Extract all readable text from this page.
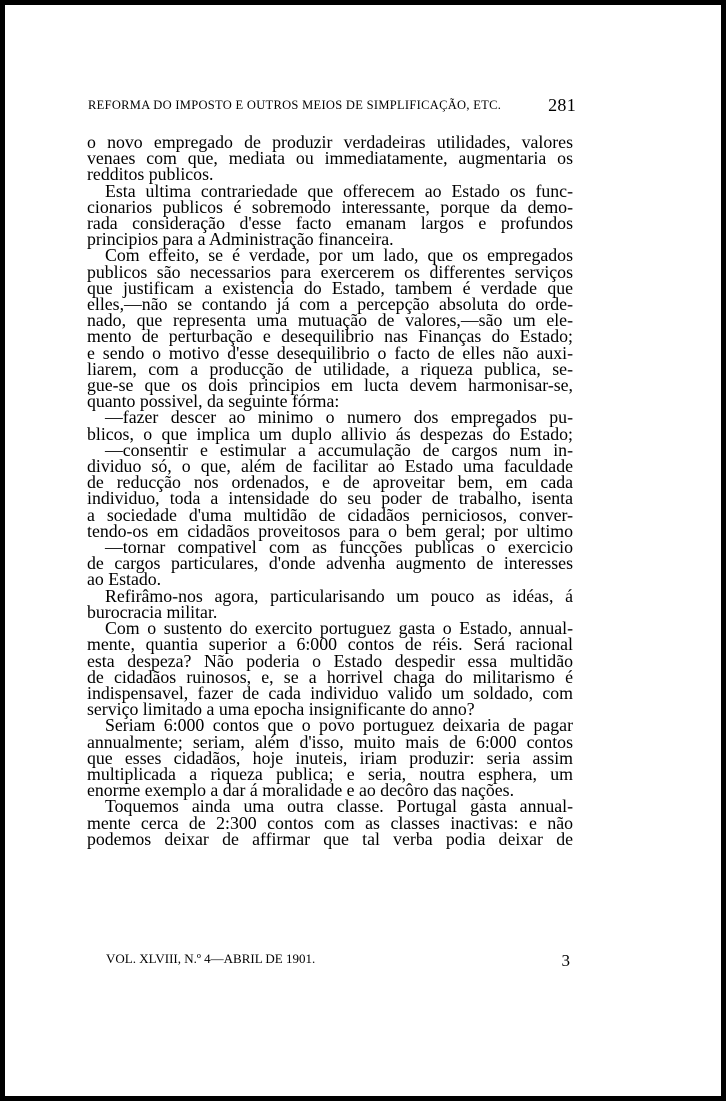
REFORMA DO IMPOSTO E OUTROS MEIOS DE SIMPLIFICAÇÃO, ETC.	281
o novo empregado de produzir verdadeiras utilidades, valores
venaes com que, mediata ou immediatamente, augmentaria os
redditos publicos.
Esta ultima contrariedade que offerecem ao Estado os func-
cionarios publicos é sobremodo interessante, porque da demo-
rada consideração d'esse facto emanam largos e profundos
principios para a Administração financeira.
Com effeito, se é verdade, por um lado, que os empregados
publicos são necessarios para exercerem os differentes serviços
que justificam a existencia do Estado, tambem é verdade que
elles,—não se contando já com a percepção absoluta do orde-
nado, que representa uma mutuação de valores,—são um ele-
mento de perturbação e desequilibrio nas Finanças do Estado;
e sendo o motivo d'esse desequilibrio o facto de elles não auxi-
liarem, com a producção de utilidade, a riqueza publica, se-
gue-se que os dois principios em lucta devem harmonisar-se,
quanto possivel, da seguinte fórma:
—fazer descer ao minimo o numero dos empregados pu-
blicos, o que implica um duplo allivio ás despezas do Estado;
—consentir e estimular a accumulação de cargos num in-
dividuo só, o que, além de facilitar ao Estado uma faculdade
de reducção nos ordenados, e de aproveitar bem, em cada
individuo, toda a intensidade do seu poder de trabalho, isenta
a sociedade d'uma multidão de cidadãos perniciosos, conver-
tendo-os em cidadãos proveitosos para o bem geral; por ultimo
—tornar compativel com as funcções publicas o exercicio
de cargos particulares, d'onde advenha augmento de interesses
ao Estado.
Refirâmo-nos agora, particularisando um pouco as idéas, á
burocracia militar.
Com o sustento do exercito portuguez gasta o Estado, annual-
mente, quantia superior a 6:000 contos de réis. Será racional
esta despeza? Não poderia o Estado despedir essa multidão
de cidadãos ruinosos, e, se a horrivel chaga do militarismo é
indispensavel, fazer de cada individuo valido um soldado, com
serviço limitado a uma epocha insignificante do anno?
Seriam 6:000 contos que o povo portuguez deixaria de pagar
annualmente; seriam, além d'isso, muito mais de 6:000 contos
que esses cidadãos, hoje inuteis, iriam produzir: seria assim
multiplicada a riqueza publica; e seria, noutra esphera, um
enorme exemplo a dar á moralidade e ao decôro das nações.
Toquemos ainda uma outra classe. Portugal gasta annual-
mente cerca de 2:300 contos com as classes inactivas: e não
podemos deixar de affirmar que tal verba podia deixar de
VOL. XLVIII, N.º 4—ABRIL DE 1901.	3
